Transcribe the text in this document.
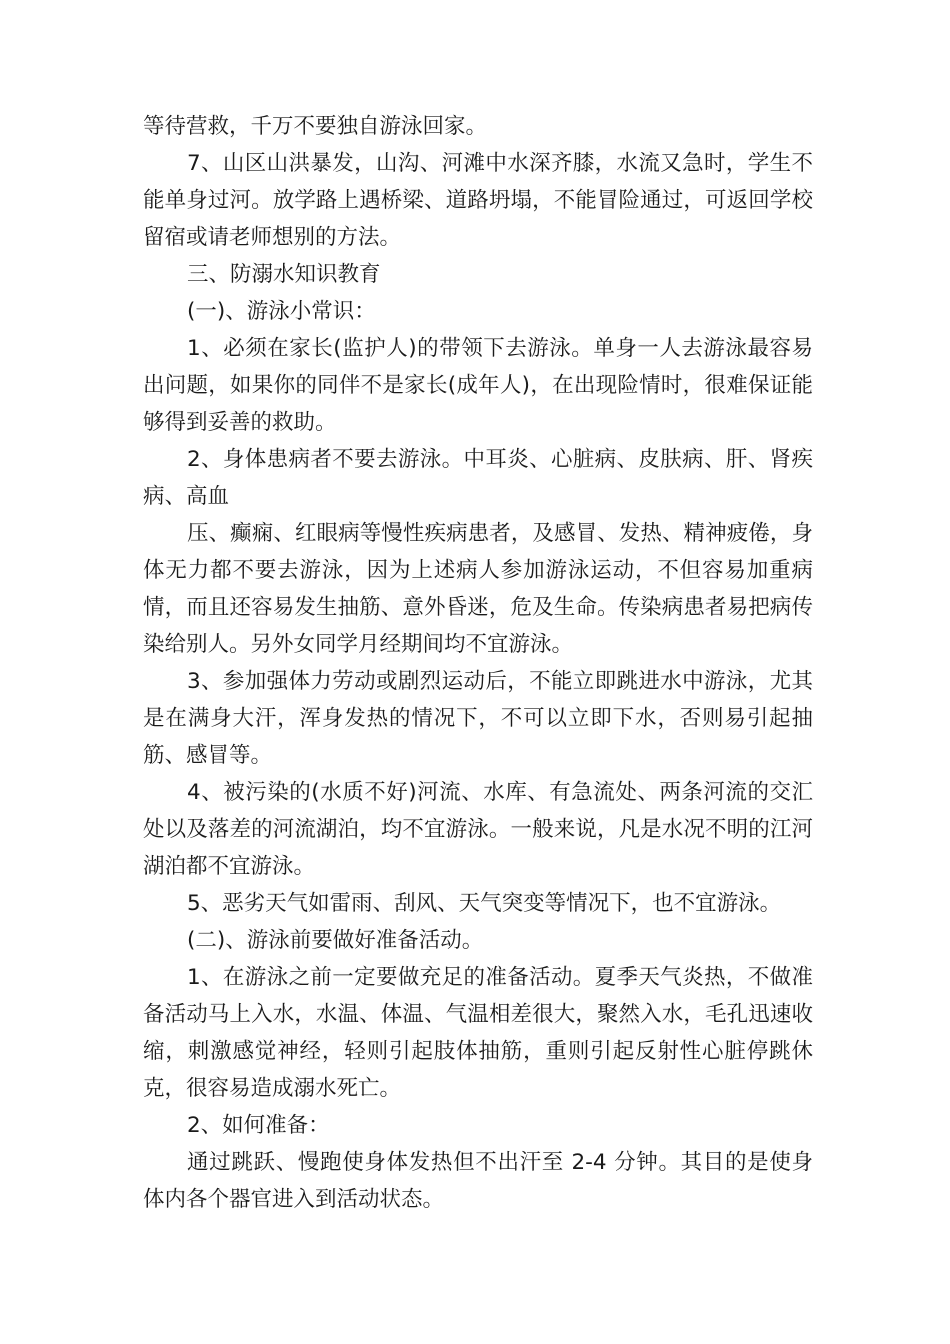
等待营救，千万不要独自游泳回家。

7、山区山洪暴发，山沟、河滩中水深齐膝，水流又急时，学生不能单身过河。放学路上遇桥梁、道路坍塌，不能冒险通过，可返回学校留宿或请老师想别的方法。

三、防溺水知识教育

(一)、游泳小常识：

1、必须在家长(监护人)的带领下去游泳。单身一人去游泳最容易出问题，如果你的同伴不是家长(成年人)，在出现险情时，很难保证能够得到妥善的救助。

2、身体患病者不要去游泳。中耳炎、心脏病、皮肤病、肝、肾疾病、高血

压、癫痫、红眼病等慢性疾病患者，及感冒、发热、精神疲倦，身体无力都不要去游泳，因为上述病人参加游泳运动，不但容易加重病情，而且还容易发生抽筋、意外昏迷，危及生命。传染病患者易把病传染给别人。另外女同学月经期间均不宜游泳。

3、参加强体力劳动或剧烈运动后，不能立即跳进水中游泳，尤其是在满身大汗，浑身发热的情况下，不可以立即下水，否则易引起抽筋、感冒等。

4、被污染的(水质不好)河流、水库、有急流处、两条河流的交汇处以及落差的河流湖泊，均不宜游泳。一般来说，凡是水况不明的江河湖泊都不宜游泳。

5、恶劣天气如雷雨、刮风、天气突变等情况下，也不宜游泳。

(二)、游泳前要做好准备活动。

1、在游泳之前一定要做充足的准备活动。夏季天气炎热，不做准备活动马上入水，水温、体温、气温相差很大，聚然入水，毛孔迅速收缩，刺激感觉神经，轻则引起肢体抽筋，重则引起反射性心脏停跳休克，很容易造成溺水死亡。

2、如何准备：

通过跳跃、慢跑使身体发热但不出汗至 2-4 分钟。其目的是使身体内各个器官进入到活动状态。
